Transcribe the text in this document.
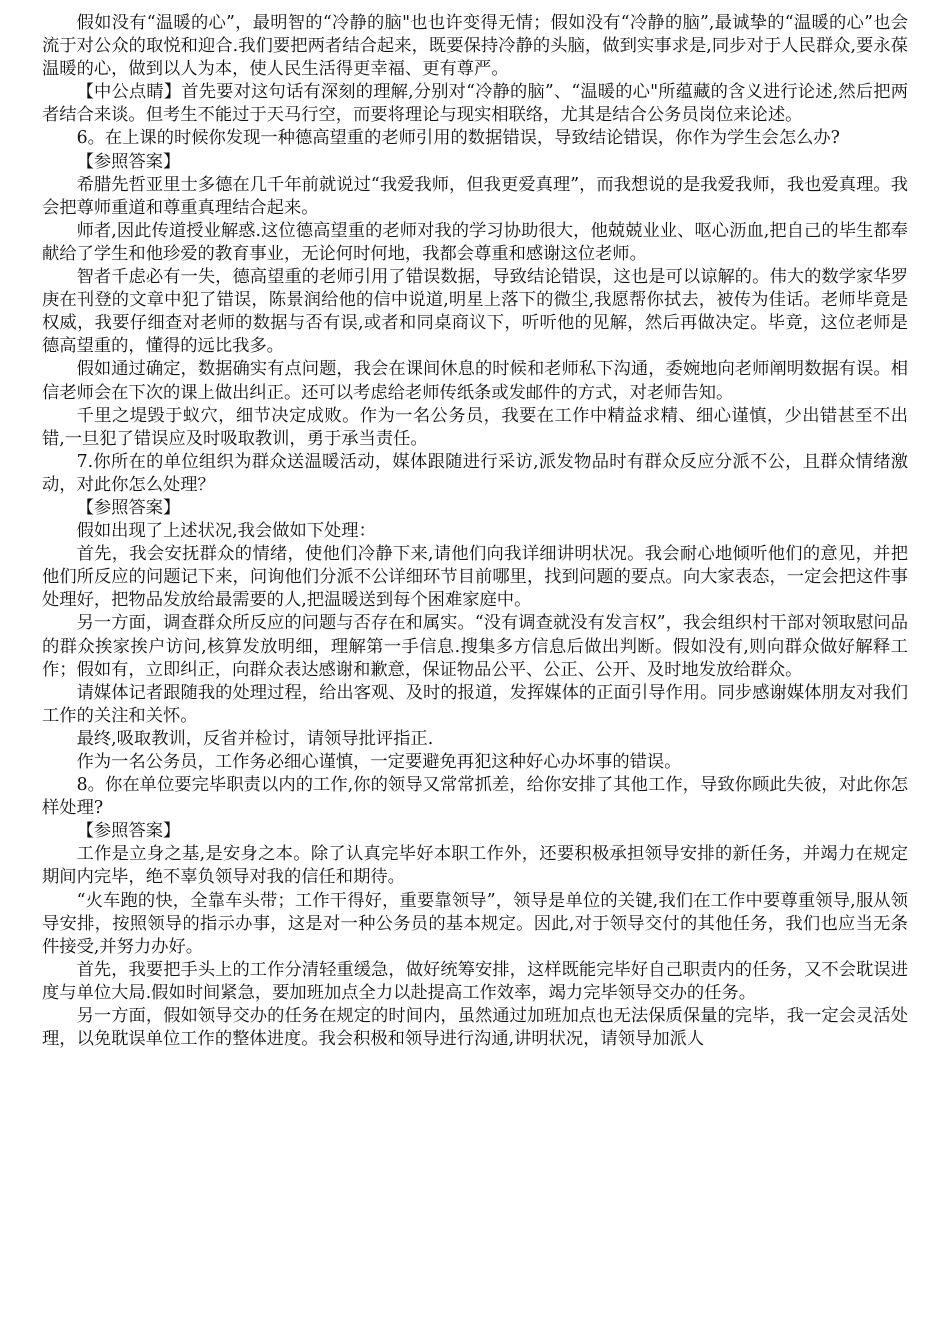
假如没有“温暖的心”，最明智的“冷静的脑"也也许变得无情；假如没有“冷静的脑”,最诚挚的“温暖的心”也会流于对公众的取悦和迎合.我们要把两者结合起来，既要保持冷静的头脑，做到实事求是,同步对于人民群众,要永葆温暖的心，做到以人为本，使人民生活得更幸福、更有尊严。

【中公点睛】首先要对这句话有深刻的理解,分别对“冷静的脑”、“温暖的心"所蕴藏的含义进行论述,然后把两者结合来谈。但考生不能过于天马行空，而要将理论与现实相联络，尤其是结合公务员岗位来论述。

6。在上课的时候你发现一种德高望重的老师引用的数据错误，导致结论错误，你作为学生会怎么办?

【参照答案】

希腊先哲亚里士多德在几千年前就说过“我爱我师，但我更爱真理”，而我想说的是我爱我师，我也爱真理。我会把尊师重道和尊重真理结合起来。

师者,因此传道授业解惑.这位德高望重的老师对我的学习协助很大，他兢兢业业、呕心沥血,把自己的毕生都奉献给了学生和他珍爱的教育事业，无论何时何地，我都会尊重和感谢这位老师。

智者千虑必有一失，德高望重的老师引用了错误数据，导致结论错误，这也是可以谅解的。伟大的数学家华罗庚在刊登的文章中犯了错误，陈景润给他的信中说道,明星上落下的微尘,我愿帮你拭去，被传为佳话。老师毕竟是权威，我要仔细查对老师的数据与否有误,或者和同桌商议下，听听他的见解，然后再做决定。毕竟，这位老师是德高望重的，懂得的远比我多。

假如通过确定，数据确实有点问题，我会在课间休息的时候和老师私下沟通，委婉地向老师阐明数据有误。相信老师会在下次的课上做出纠正。还可以考虑给老师传纸条或发邮件的方式，对老师告知。

千里之堤毁于蚁穴，细节决定成败。作为一名公务员，我要在工作中精益求精、细心谨慎，少出错甚至不出错,一旦犯了错误应及时吸取教训，勇于承当责任。

7.你所在的单位组织为群众送温暖活动，媒体跟随进行采访,派发物品时有群众反应分派不公，且群众情绪激动，对此你怎么处理？

【参照答案】

假如出现了上述状况,我会做如下处理：

首先，我会安抚群众的情绪，使他们冷静下来,请他们向我详细讲明状况。我会耐心地倾听他们的意见，并把他们所反应的问题记下来，问询他们分派不公详细环节目前哪里，找到问题的要点。向大家表态，一定会把这件事处理好，把物品发放给最需要的人,把温暖送到每个困难家庭中。

另一方面，调查群众所反应的问题与否存在和属实。“没有调查就没有发言权”，我会组织村干部对领取慰问品的群众挨家挨户访问,核算发放明细，理解第一手信息.搜集多方信息后做出判断。假如没有,则向群众做好解释工作；假如有，立即纠正，向群众表达感谢和歉意，保证物品公平、公正、公开、及时地发放给群众。

请媒体记者跟随我的处理过程，给出客观、及时的报道，发挥媒体的正面引导作用。同步感谢媒体朋友对我们工作的关注和关怀。

最终,吸取教训，反省并检讨，请领导批评指正.

作为一名公务员，工作务必细心谨慎，一定要避免再犯这种好心办坏事的错误。

8。你在单位要完毕职责以内的工作,你的领导又常常抓差，给你安排了其他工作，导致你顾此失彼，对此你怎样处理?

【参照答案】

工作是立身之基,是安身之本。除了认真完毕好本职工作外，还要积极承担领导安排的新任务，并竭力在规定期间内完毕，绝不辜负领导对我的信任和期待。

“火车跑的快，全靠车头带；工作干得好，重要靠领导”，领导是单位的关键,我们在工作中要尊重领导,服从领导安排，按照领导的指示办事，这是对一种公务员的基本规定。因此,对于领导交付的其他任务，我们也应当无条件接受,并努力办好。

首先，我要把手头上的工作分清轻重缓急，做好统筹安排，这样既能完毕好自己职责内的任务，又不会耽误进度与单位大局.假如时间紧急，要加班加点全力以赴提高工作效率，竭力完毕领导交办的任务。

另一方面，假如领导交办的任务在规定的时间内，虽然通过加班加点也无法保质保量的完毕，我一定会灵活处理，以免耽误单位工作的整体进度。我会积极和领导进行沟通,讲明状况，请领导加派人
